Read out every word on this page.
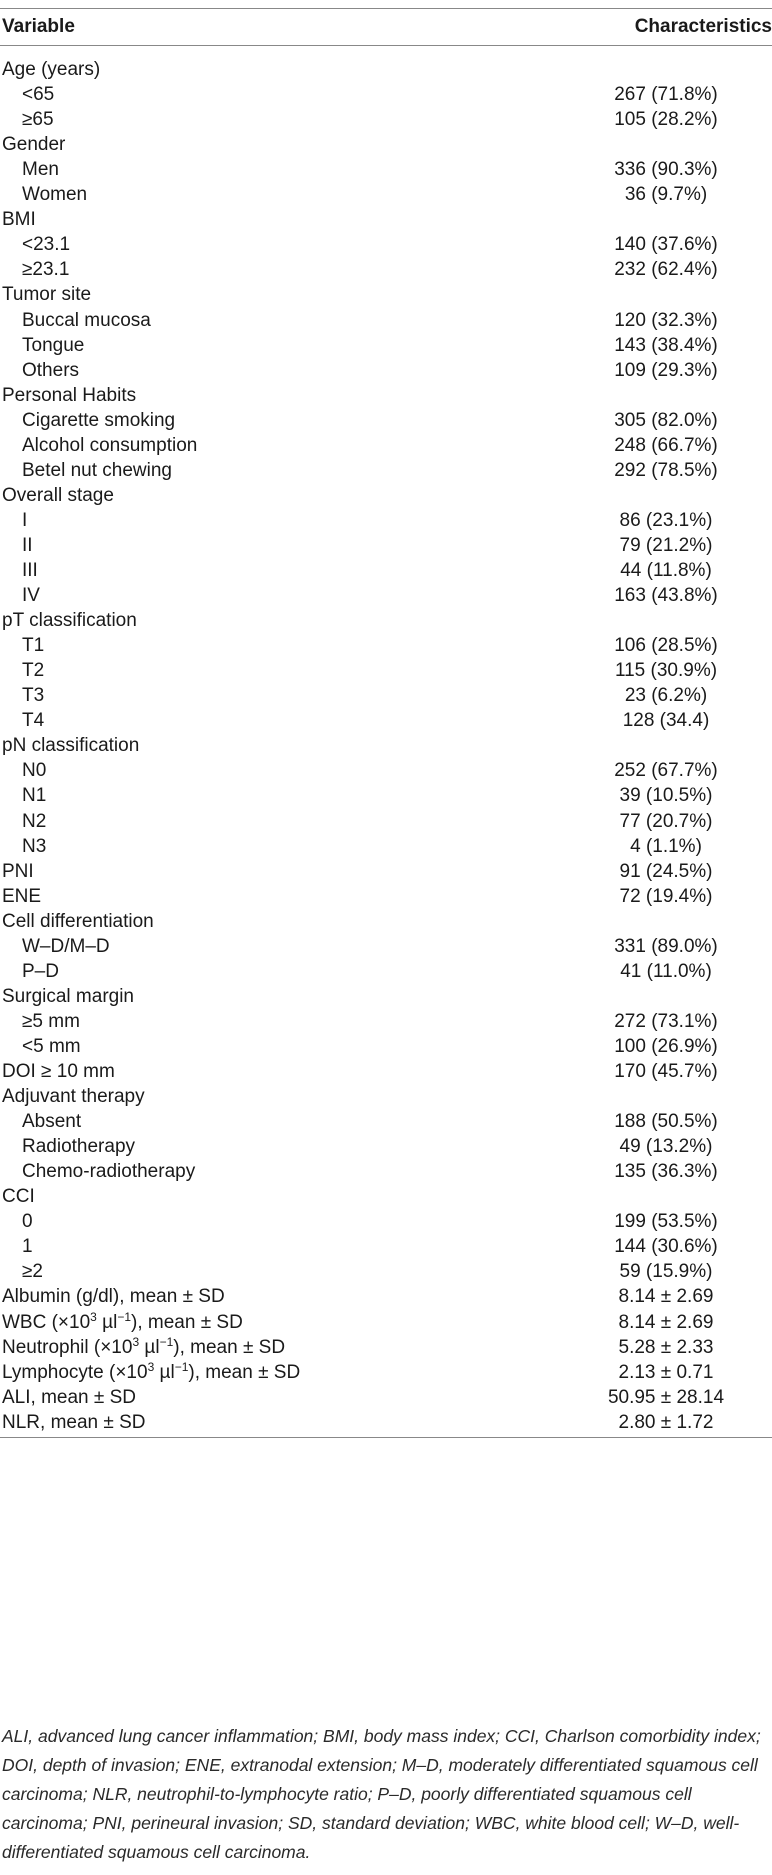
Variable	Characteristics
Age (years)
<65	267 (71.8%)
≥65	105 (28.2%)
Gender
Men	336 (90.3%)
Women	36 (9.7%)
BMI
<23.1	140 (37.6%)
≥23.1	232 (62.4%)
Tumor site
Buccal mucosa	120 (32.3%)
Tongue	143 (38.4%)
Others	109 (29.3%)
Personal Habits
Cigarette smoking	305 (82.0%)
Alcohol consumption	248 (66.7%)
Betel nut chewing	292 (78.5%)
Overall stage
I	86 (23.1%)
II	79 (21.2%)
III	44 (11.8%)
IV	163 (43.8%)
pT classification
T1	106 (28.5%)
T2	115 (30.9%)
T3	23 (6.2%)
T4	128 (34.4)
pN classification
N0	252 (67.7%)
N1	39 (10.5%)
N2	77 (20.7%)
N3	4 (1.1%)
PNI	91 (24.5%)
ENE	72 (19.4%)
Cell differentiation
W–D/M–D	331 (89.0%)
P–D	41 (11.0%)
Surgical margin
≥5 mm	272 (73.1%)
<5 mm	100 (26.9%)
DOI ≥ 10 mm	170 (45.7%)
Adjuvant therapy
Absent	188 (50.5%)
Radiotherapy	49 (13.2%)
Chemo-radiotherapy	135 (36.3%)
CCI
0	199 (53.5%)
1	144 (30.6%)
≥2	59 (15.9%)
Albumin (g/dl), mean ± SD	8.14 ± 2.69
WBC ($\times 10^3$ µl$^{-1}$), mean ± SD	8.14 ± 2.69
Neutrophil ($\times 10^3$ µl$^{-1}$), mean ± SD	5.28 ± 2.33
Lymphocyte ($\times 10^3$ µl$^{-1}$), mean ± SD	2.13 ± 0.71
ALI, mean ± SD	50.95 ± 28.14
NLR, mean ± SD	2.80 ± 1.72
ALI, advanced lung cancer inflammation; BMI, body mass index; CCI, Charlson comorbidity index; DOI, depth of invasion; ENE, extranodal extension; M–D, moderately differentiated squamous cell carcinoma; NLR, neutrophil-to-lymphocyte ratio; P–D, poorly differentiated squamous cell carcinoma; PNI, perineural invasion; SD, standard deviation; WBC, white blood cell; W–D, well-differentiated squamous cell carcinoma.
